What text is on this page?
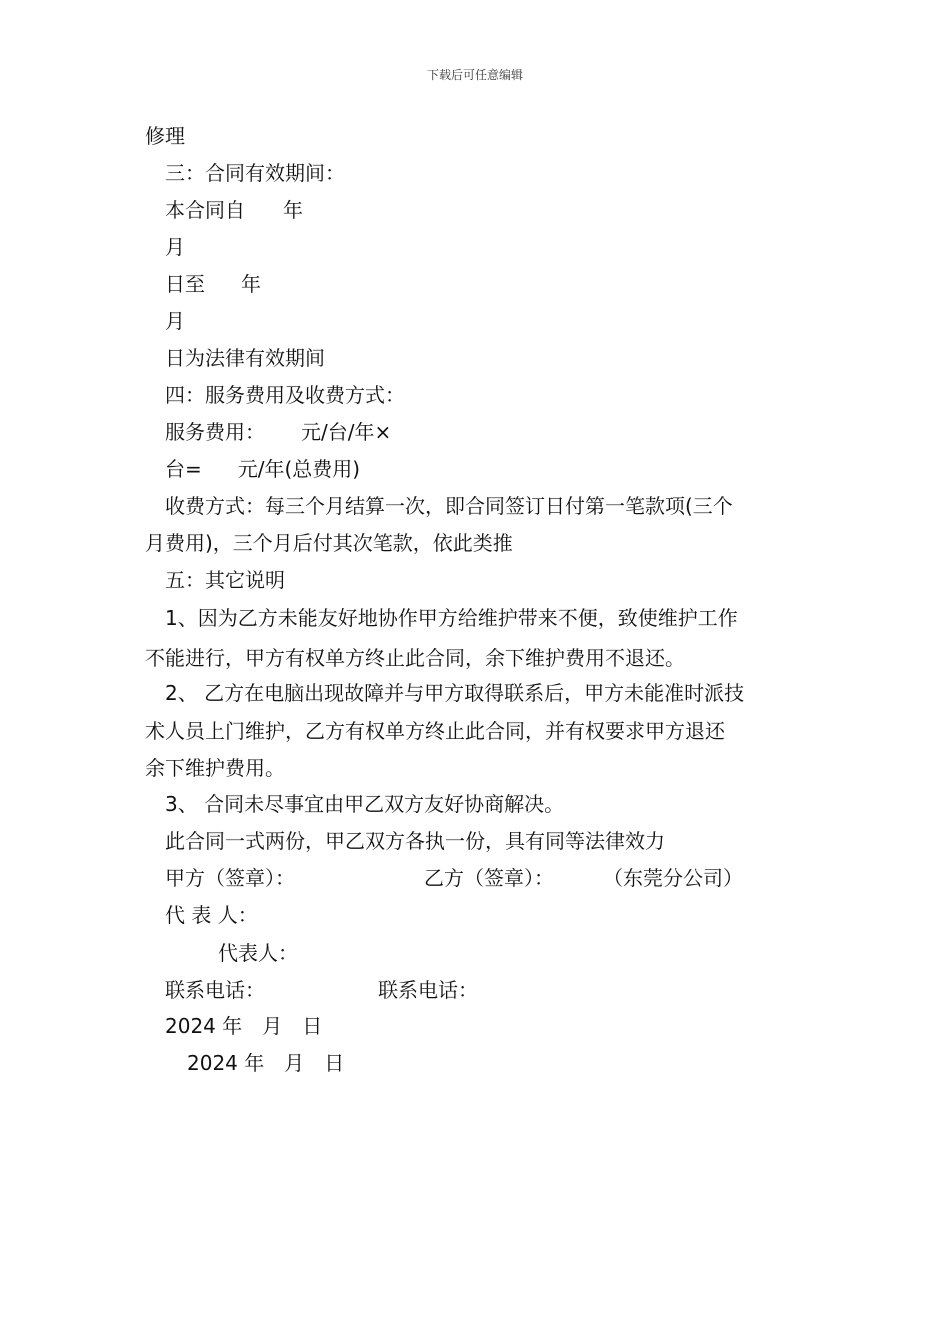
下载后可任意编辑
修理
三：合同有效期间：
本合同自 年
月
日至 年
月
日为法律有效期间
四：服务费用及收费方式：
服务费用： 元/台/年×
台= 元/年(总费用)
收费方式：每三个月结算一次，即合同签订日付第一笔款项(三个
月费用)，三个月后付其次笔款，依此类推
五：其它说明
1、因为乙方未能友好地协作甲方给维护带来不便，致使维护工作
不能进行，甲方有权单方终止此合同，余下维护费用不退还。
2、 乙方在电脑出现故障并与甲方取得联系后，甲方未能准时派技
术人员上门维护，乙方有权单方终止此合同，并有权要求甲方退还
余下维护费用。
3、 合同未尽事宜由甲乙双方友好协商解决。
此合同一式两份，甲乙双方各执一份，具有同等法律效力
甲方（签章）：	乙方（签章）： （东莞分公司）
代 表 人：
代表人：
联系电话：	联系电话：
2024 年 月 日
2024 年 月 日
